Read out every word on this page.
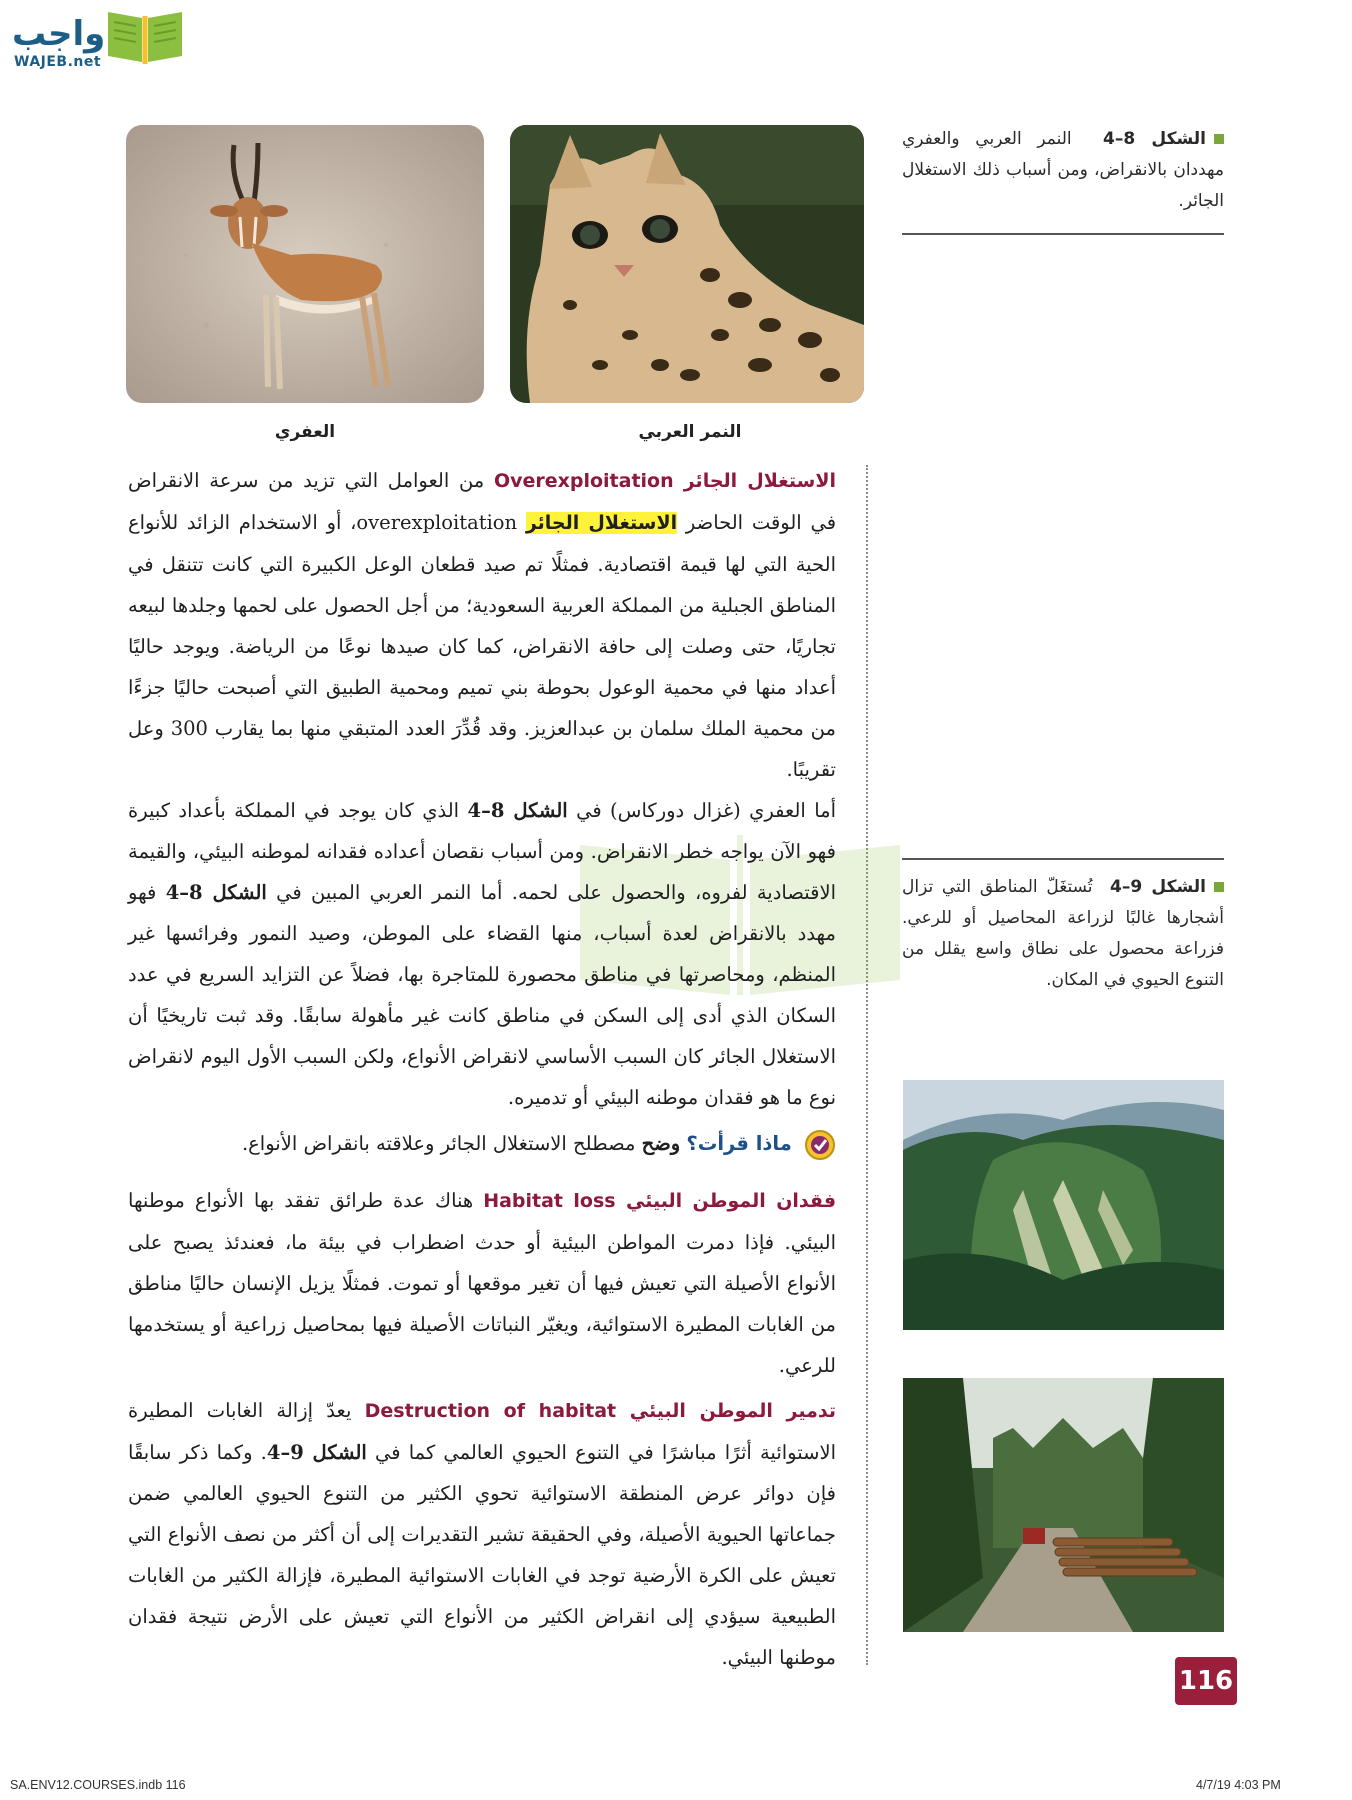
واجب
WAJEB.net
العفري	النمر العربي
الشكل 8–4  النمر العربي والعفري مهددان بالانقراض، ومن أسباب ذلك الاستغلال الجائر.
الشكل 9–4  تُستغَلّ المناطق التي تزال أشجارها غالبًا لزراعة المحاصيل أو للرعي. فزراعة محصول على نطاق واسع يقلل من التنوع الحيوي في المكان.
الاستغلال الجائر Overexploitation من العوامل التي تزيد من سرعة الانقراض في الوقت الحاضر الاستغلال الجائر overexploitation، أو الاستخدام الزائد للأنواع الحية التي لها قيمة اقتصادية. فمثلًا تم صيد قطعان الوعل الكبيرة التي كانت تتنقل في المناطق الجبلية من المملكة العربية السعودية؛ من أجل الحصول على لحمها وجلدها لبيعه تجاريًا، حتى وصلت إلى حافة الانقراض، كما كان صيدها نوعًا من الرياضة. ويوجد حاليًا أعداد منها في محمية الوعول بحوطة بني تميم ومحمية الطبيق التي أصبحت حاليًا جزءًا من محمية الملك سلمان بن عبدالعزيز. وقد قُدِّرَ العدد المتبقي منها بما يقارب 300 وعل تقريبًا.
أما العفري (غزال دوركاس) في الشكل 8–4 الذي كان يوجد في المملكة بأعداد كبيرة فهو الآن يواجه خطر الانقراض. ومن أسباب نقصان أعداده فقدانه لموطنه البيئي، والقيمة الاقتصادية لفروه، والحصول على لحمه. أما النمر العربي المبين في الشكل 8–4 فهو مهدد بالانقراض لعدة أسباب، منها القضاء على الموطن، وصيد النمور وفرائسها غير المنظم، ومحاصرتها في مناطق محصورة للمتاجرة بها، فضلاً عن التزايد السريع في عدد السكان الذي أدى إلى السكن في مناطق كانت غير مأهولة سابقًا. وقد ثبت تاريخيًا أن الاستغلال الجائر كان السبب الأساسي لانقراض الأنواع، ولكن السبب الأول اليوم لانقراض نوع ما هو فقدان موطنه البيئي أو تدميره.
ماذا قرأت؟ وضح مصطلح الاستغلال الجائر وعلاقته بانقراض الأنواع.
فقدان الموطن البيئي Habitat loss هناك عدة طرائق تفقد بها الأنواع موطنها البيئي. فإذا دمرت المواطن البيئية أو حدث اضطراب في بيئة ما، فعندئذ يصبح على الأنواع الأصيلة التي تعيش فيها أن تغير موقعها أو تموت. فمثلًا يزيل الإنسان حاليًا مناطق من الغابات المطيرة الاستوائية، ويغيّر النباتات الأصيلة فيها بمحاصيل زراعية أو يستخدمها للرعي.
تدمير الموطن البيئي Destruction of habitat يعدّ إزالة الغابات المطيرة الاستوائية أثرًا مباشرًا في التنوع الحيوي العالمي كما في الشكل 9–4. وكما ذكر سابقًا فإن دوائر عرض المنطقة الاستوائية تحوي الكثير من التنوع الحيوي العالمي ضمن جماعاتها الحيوية الأصيلة، وفي الحقيقة تشير التقديرات إلى أن أكثر من نصف الأنواع التي تعيش على الكرة الأرضية توجد في الغابات الاستوائية المطيرة، فإزالة الكثير من الغابات الطبيعية سيؤدي إلى انقراض الكثير من الأنواع التي تعيش على الأرض نتيجة فقدان موطنها البيئي.
116
SA.ENV12.COURSES.indb 116	4/7/19 4:03 PM
